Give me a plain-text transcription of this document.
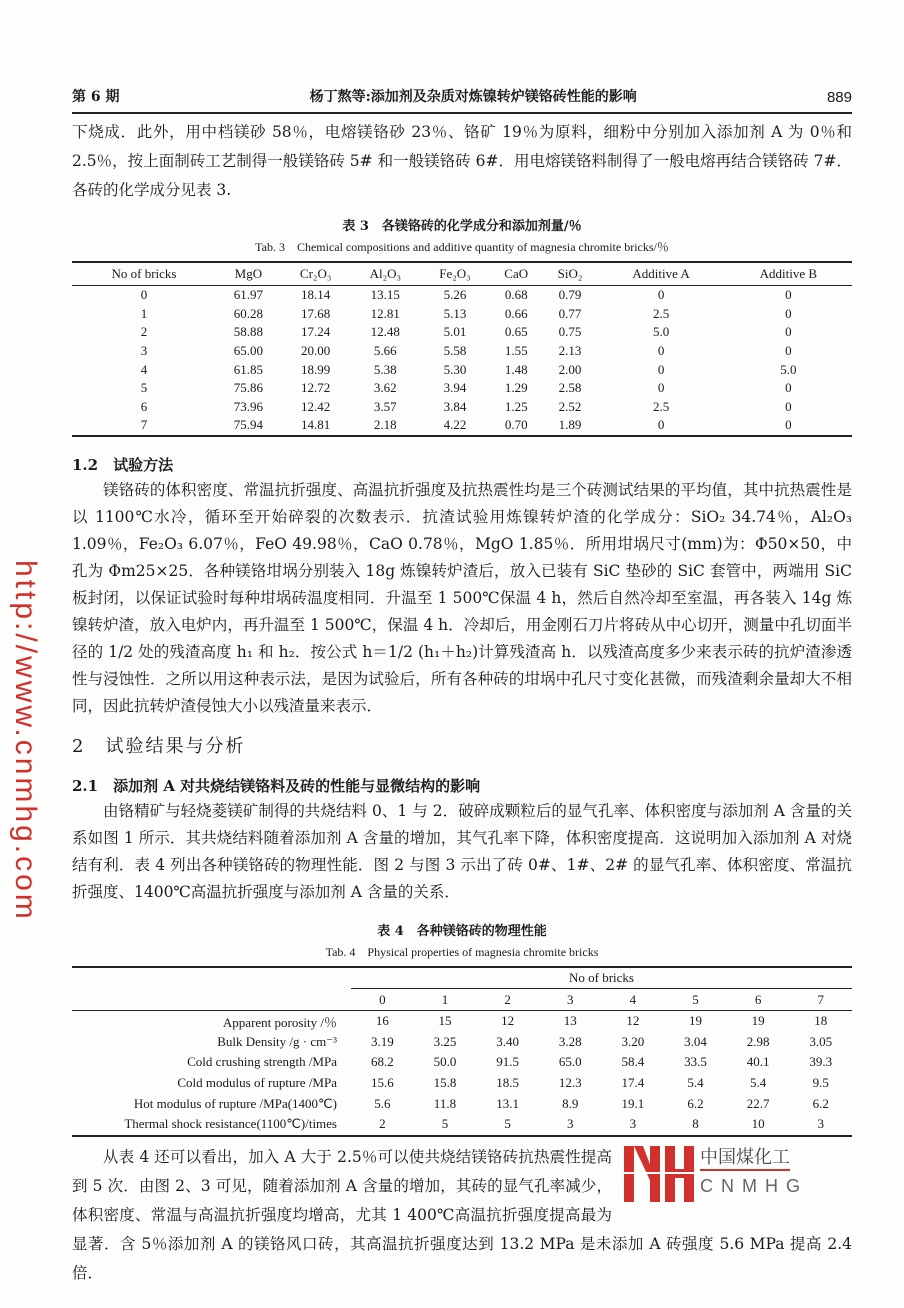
http://www.cnmhg.com
第 6 期	杨丁熬等:添加剂及杂质对炼镍转炉镁铬砖性能的影响	889

下烧成．此外，用中档镁砂 58％，电熔镁铬砂 23％、铬矿 19％为原料，细粉中分别加入添加剂 A 为 0％和 2.5％，按上面制砖工艺制得一般镁铬砖 5# 和一般镁铬砖 6#．用电熔镁铬料制得了一般电熔再结合镁铬砖 7#．各砖的化学成分见表 3.

表 3　各镁铬砖的化学成分和添加剂量/％
Tab. 3　Chemical compositions and additive quantity of magnesia chromite bricks/％
No of bricks	MgO	Cr₂O₃	Al₂O₃	Fe₂O₃	CaO	SiO₂	Additive A	Additive B
0	61.97	18.14	13.15	5.26	0.68	0.79	0	0
1	60.28	17.68	12.81	5.13	0.66	0.77	2.5	0
2	58.88	17.24	12.48	5.01	0.65	0.75	5.0	0
3	65.00	20.00	5.66	5.58	1.55	2.13	0	0
4	61.85	18.99	5.38	5.30	1.48	2.00	0	5.0
5	75.86	12.72	3.62	3.94	1.29	2.58	0	0
6	73.96	12.42	3.57	3.84	1.25	2.52	2.5	0
7	75.94	14.81	2.18	4.22	0.70	1.89	0	0
1.2　试验方法

镁铬砖的体积密度、常温抗折强度、高温抗折强度及抗热震性均是三个砖测试结果的平均值，其中抗热震性是以 1100℃水冷，循环至开始碎裂的次数表示．抗渣试验用炼镍转炉渣的化学成分：SiO₂ 34.74％，Al₂O₃ 1.09％，Fe₂O₃ 6.07％，FeO 49.98％，CaO 0.78％，MgO 1.85％．所用坩埚尺寸(mm)为：Φ50×50，中孔为 Φm25×25．各种镁铬坩埚分别装入 18g 炼镍转炉渣后，放入已装有 SiC 垫砂的 SiC 套管中，两端用 SiC 板封闭，以保证试验时每种坩埚砖温度相同．升温至 1 500℃保温 4 h，然后自然冷却至室温，再各装入 14g 炼镍转炉渣，放入电炉内，再升温至 1 500℃，保温 4 h．冷却后，用金刚石刀片将砖从中心切开，测量中孔切面半径的 1/2 处的残渣高度 h₁ 和 h₂．按公式 h＝1/2 (h₁＋h₂)计算残渣高 h．以残渣高度多少来表示砖的抗炉渣渗透性与浸蚀性．之所以用这种表示法，是因为试验后，所有各种砖的坩埚中孔尺寸变化甚微，而残渣剩余量却大不相同，因此抗转炉渣侵蚀大小以残渣量来表示．

2　试验结果与分析
2.1　添加剂 A 对共烧结镁铬料及砖的性能与显微结构的影响

由铬精矿与轻烧菱镁矿制得的共烧结料 0、1 与 2．破碎成颗粒后的显气孔率、体积密度与添加剂 A 含量的关系如图 1 所示．其共烧结料随着添加剂 A 含量的增加，其气孔率下降，体积密度提高．这说明加入添加剂 A 对烧结有利．表 4 列出各种镁铬砖的物理性能．图 2 与图 3 示出了砖 0#、1#、2# 的显气孔率、体积密度、常温抗折强度、1400℃高温抗折强度与添加剂 A 含量的关系．

表 4　各种镁铬砖的物理性能
Tab. 4　Physical properties of magnesia chromite bricks
	No of bricks							
	0	1	2	3	4	5	6	7
Apparent porosity /％	16	15	12	13	12	19	19	18
Bulk Density /g · cm⁻³	3.19	3.25	3.40	3.28	3.20	3.04	2.98	3.05
Cold crushing strength /MPa	68.2	50.0	91.5	65.0	58.4	33.5	40.1	39.3
Cold modulus of rupture /MPa	15.6	15.8	18.5	12.3	17.4	5.4	5.4	9.5
Hot modulus of rupture /MPa(1400℃)	5.6	11.8	13.1	8.9	19.1	6.2	22.7	6.2
Thermal shock resistance(1100℃)/times	2	5	5	3	3	8	10	3
中国煤化工
CNMHG

从表 4 还可以看出，加入 A 大于 2.5％可以使共烧结镁铬砖抗热震性提高到 5 次．由图 2、3 可见，随着添加剂 A 含量的增加，其砖的显气孔率减少，体积密度、常温与高温抗折强度均增高，尤其 1 400℃高温抗折强度提高最为显著．含 5％添加剂 A 的镁铬风口砖，其高温抗折强度达到 13.2 MPa 是未添加 A 砖强度 5.6 MPa 提高 2.4 倍．
